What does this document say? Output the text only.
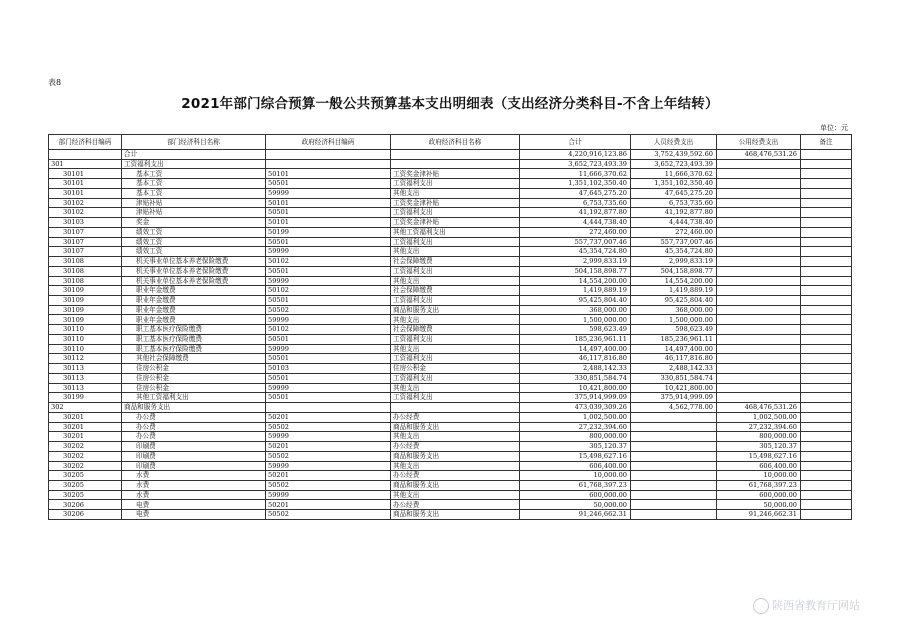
表8
2021年部门综合预算一般公共预算基本支出明细表（支出经济分类科目-不含上年结转）
单位：元
部门经济科目编码	部门经济科目名称	政府经济科目编码	政府经济科目名称	合计	人员经费支出	公用经费支出	备注
	合计			4,220,916,123.86	3,752,439,592.60	468,476,531.26	
301	工资福利支出			3,652,723,493.39	3,652,723,493.39		
30101	基本工资	50101	工资奖金津补贴	11,666,370.62	11,666,370.62		
30101	基本工资	50501	工资福利支出	1,351,102,350.40	1,351,102,350.40		
30101	基本工资	59999	其他支出	47,645,275.20	47,645,275.20		
30102	津贴补贴	50101	工资奖金津补贴	6,753,735.60	6,753,735.60		
30102	津贴补贴	50501	工资福利支出	41,192,877.80	41,192,877.80		
30103	奖金	50101	工资奖金津补贴	4,444,738.40	4,444,738.40		
30107	绩效工资	50199	其他工资福利支出	272,460.00	272,460.00		
30107	绩效工资	50501	工资福利支出	557,737,007.46	557,737,007.46		
30107	绩效工资	59999	其他支出	45,354,724.80	45,354,724.80		
30108	机关事业单位基本养老保险缴费	50102	社会保障缴费	2,999,833.19	2,999,833.19		
30108	机关事业单位基本养老保险缴费	50501	工资福利支出	504,158,898.77	504,158,898.77		
30108	机关事业单位基本养老保险缴费	59999	其他支出	14,554,200.00	14,554,200.00		
30109	职业年金缴费	50102	社会保障缴费	1,419,889.19	1,419,889.19		
30109	职业年金缴费	50501	工资福利支出	95,425,804.40	95,425,804.40		
30109	职业年金缴费	50502	商品和服务支出	368,000.00	368,000.00		
30109	职业年金缴费	59999	其他支出	1,500,000.00	1,500,000.00		
30110	职工基本医疗保险缴费	50102	社会保障缴费	598,623.49	598,623.49		
30110	职工基本医疗保险缴费	50501	工资福利支出	185,236,961.11	185,236,961.11		
30110	职工基本医疗保险缴费	59999	其他支出	14,497,400.00	14,497,400.00		
30112	其他社会保障缴费	50501	工资福利支出	46,117,816.80	46,117,816.80		
30113	住房公积金	50103	住房公积金	2,488,142.33	2,488,142.33		
30113	住房公积金	50501	工资福利支出	330,851,584.74	330,851,584.74		
30113	住房公积金	59999	其他支出	10,421,800.00	10,421,800.00		
30199	其他工资福利支出	50501	工资福利支出	375,914,999.09	375,914,999.09		
302	商品和服务支出			473,039,309.26	4,562,778.00	468,476,531.26	
30201	办公费	50201	办公经费	1,002,500.00		1,002,500.00	
30201	办公费	50502	商品和服务支出	27,232,394.60		27,232,394.60	
30201	办公费	59999	其他支出	800,000.00		800,000.00	
30202	印刷费	50201	办公经费	305,120.37		305,120.37	
30202	印刷费	50502	商品和服务支出	15,498,627.16		15,498,627.16	
30202	印刷费	59999	其他支出	606,400.00		606,400.00	
30205	水费	50201	办公经费	10,000.00		10,000.00	
30205	水费	50502	商品和服务支出	61,768,397.23		61,768,397.23	
30205	水费	59999	其他支出	600,000.00		600,000.00	
30206	电费	50201	办公经费	50,000.00		50,000.00	
30206	电费	50502	商品和服务支出	91,246,662.31		91,246,662.31	
陕西省教育厅网站
